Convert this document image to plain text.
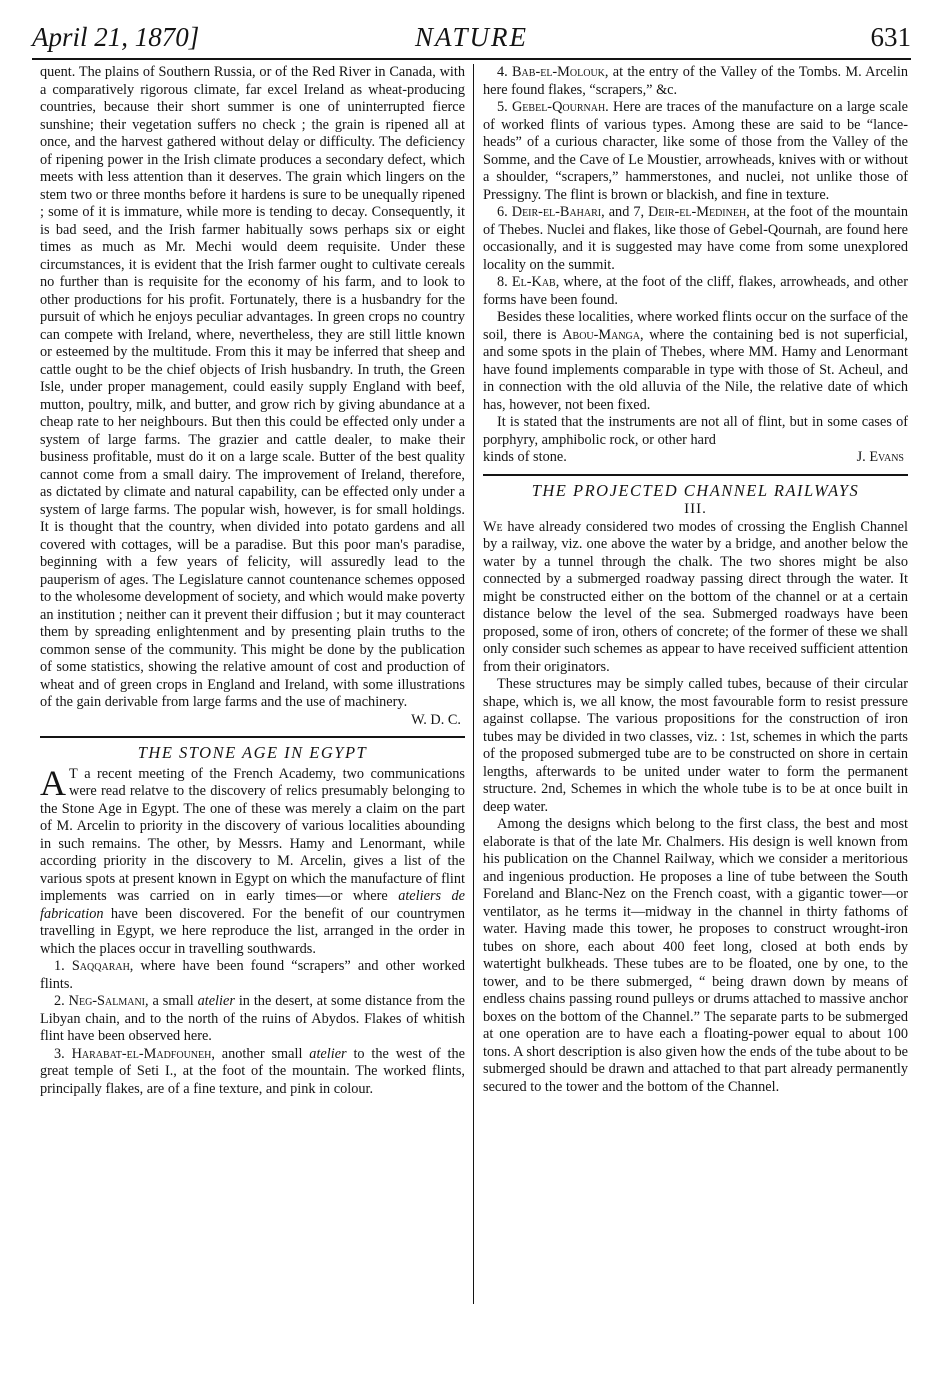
April 21, 1870]	NATURE	631

quent. The plains of Southern Russia, or of the Red River in Canada, with a comparatively rigorous climate, far excel Ireland as wheat-producing countries, because their short summer is one of uninterrupted fierce sunshine; their vegetation suffers no check ; the grain is ripened all at once, and the harvest gathered without delay or difficulty. The deficiency of ripening power in the Irish climate produces a secondary defect, which meets with less attention than it deserves. The grain which lingers on the stem two or three months before it hardens is sure to be unequally ripened ; some of it is immature, while more is tending to decay. Consequently, it is bad seed, and the Irish farmer habitually sows perhaps six or eight times as much as Mr. Mechi would deem requisite. Under these circumstances, it is evident that the Irish farmer ought to cultivate cereals no further than is requisite for the economy of his farm, and to look to other productions for his profit. Fortunately, there is a husbandry for the pursuit of which he enjoys peculiar advantages. In green crops no country can compete with Ireland, where, nevertheless, they are still little known or esteemed by the multitude. From this it may be inferred that sheep and cattle ought to be the chief objects of Irish husbandry. In truth, the Green Isle, under proper management, could easily supply England with beef, mutton, poultry, milk, and butter, and grow rich by giving abundance at a cheap rate to her neighbours. But then this could be effected only under a system of large farms. The grazier and cattle dealer, to make their business profitable, must do it on a large scale. Butter of the best quality cannot come from a small dairy. The improvement of Ireland, therefore, as dictated by climate and natural capability, can be effected only under a system of large farms. The popular wish, however, is for small holdings. It is thought that the country, when divided into potato gardens and all covered with cottages, will be a paradise. But this poor man's paradise, beginning with a few years of felicity, will assuredly lead to the pauperism of ages. The Legislature cannot countenance schemes opposed to the wholesome development of society, and which would make poverty an institution ; neither can it prevent their diffusion ; but it may counteract them by spreading enlightenment and by presenting plain truths to the common sense of the community. This might be done by the publication of some statistics, showing the relative amount of cost and production of wheat and of green crops in England and Ireland, with some illustrations of the gain derivable from large farms and the use of machinery.

W. D. C.

THE STONE AGE IN EGYPT

A T a recent meeting of the French Academy, two communications were read relatve to the discovery of relics presumably belonging to the Stone Age in Egypt. The one of these was merely a claim on the part of M. Arcelin to priority in the discovery of various localities abounding in such remains. The other, by Messrs. Hamy and Lenormant, while according priority in the discovery to M. Arcelin, gives a list of the various spots at present known in Egypt on which the manufacture of flint implements was carried on in early times—or where ateliers de fabrication have been discovered. For the benefit of our countrymen travelling in Egypt, we here reproduce the list, arranged in the order in which the places occur in travelling southwards.

1. Saqqarah, where have been found “scrapers” and other worked flints.

2. Neg-Salmani, a small atelier in the desert, at some distance from the Libyan chain, and to the north of the ruins of Abydos. Flakes of whitish flint have been observed here.

3. Harabat-el-Madfouneh, another small atelier to the west of the great temple of Seti I., at the foot of the mountain. The worked flints, principally flakes, are of a fine texture, and pink in colour.

4. Bab-el-Molouk, at the entry of the Valley of the Tombs. M. Arcelin here found flakes, “scrapers,” &c.

5. Gebel-Qournah. Here are traces of the manufacture on a large scale of worked flints of various types. Among these are said to be “lance-heads” of a curious character, like some of those from the Valley of the Somme, and the Cave of Le Moustier, arrowheads, knives with or without a shoulder, “scrapers,” hammerstones, and nuclei, not unlike those of Pressigny. The flint is brown or blackish, and fine in texture.

6. Deir-el-Bahari, and 7, Deir-el-Medineh, at the foot of the mountain of Thebes. Nuclei and flakes, like those of Gebel-Qournah, are found here occasionally, and it is suggested may have come from some unexplored locality on the summit.

8. El-Kab, where, at the foot of the cliff, flakes, arrowheads, and other forms have been found.

Besides these localities, where worked flints occur on the surface of the soil, there is Abou-Manga, where the containing bed is not superficial, and some spots in the plain of Thebes, where MM. Hamy and Lenormant have found implements comparable in type with those of St. Acheul, and in connection with the old alluvia of the Nile, the relative date of which has, however, not been fixed.

It is stated that the instruments are not all of flint, but in some cases of porphyry, amphibolic rock, or other hard

kinds of stone.	J. Evans

THE PROJECTED CHANNEL RAILWAYS
III.

We have already considered two modes of crossing the English Channel by a railway, viz. one above the water by a bridge, and another below the water by a tunnel through the chalk. The two shores might be also connected by a submerged roadway passing direct through the water. It might be constructed either on the bottom of the channel or at a certain distance below the level of the sea. Submerged roadways have been proposed, some of iron, others of concrete; of the former of these we shall only consider such schemes as appear to have received sufficient attention from their originators.

These structures may be simply called tubes, because of their circular shape, which is, we all know, the most favourable form to resist pressure against collapse. The various propositions for the construction of iron tubes may be divided in two classes, viz. : 1st, schemes in which the parts of the proposed submerged tube are to be constructed on shore in certain lengths, afterwards to be united under water to form the permanent structure. 2nd, Schemes in which the whole tube is to be at once built in deep water.

Among the designs which belong to the first class, the best and most elaborate is that of the late Mr. Chalmers. His design is well known from his publication on the Channel Railway, which we consider a meritorious and ingenious production. He proposes a line of tube between the South Foreland and Blanc-Nez on the French coast, with a gigantic tower—or ventilator, as he terms it—midway in the channel in thirty fathoms of water. Having made this tower, he proposes to construct wrought-iron tubes on shore, each about 400 feet long, closed at both ends by watertight bulkheads. These tubes are to be floated, one by one, to the tower, and to be there submerged, “ being drawn down by means of endless chains passing round pulleys or drums attached to massive anchor boxes on the bottom of the Channel.” The separate parts to be submerged at one operation are to have each a floating-power equal to about 100 tons. A short description is also given how the ends of the tube about to be submerged should be drawn and attached to that part already permanently secured to the tower and the bottom of the Channel.
